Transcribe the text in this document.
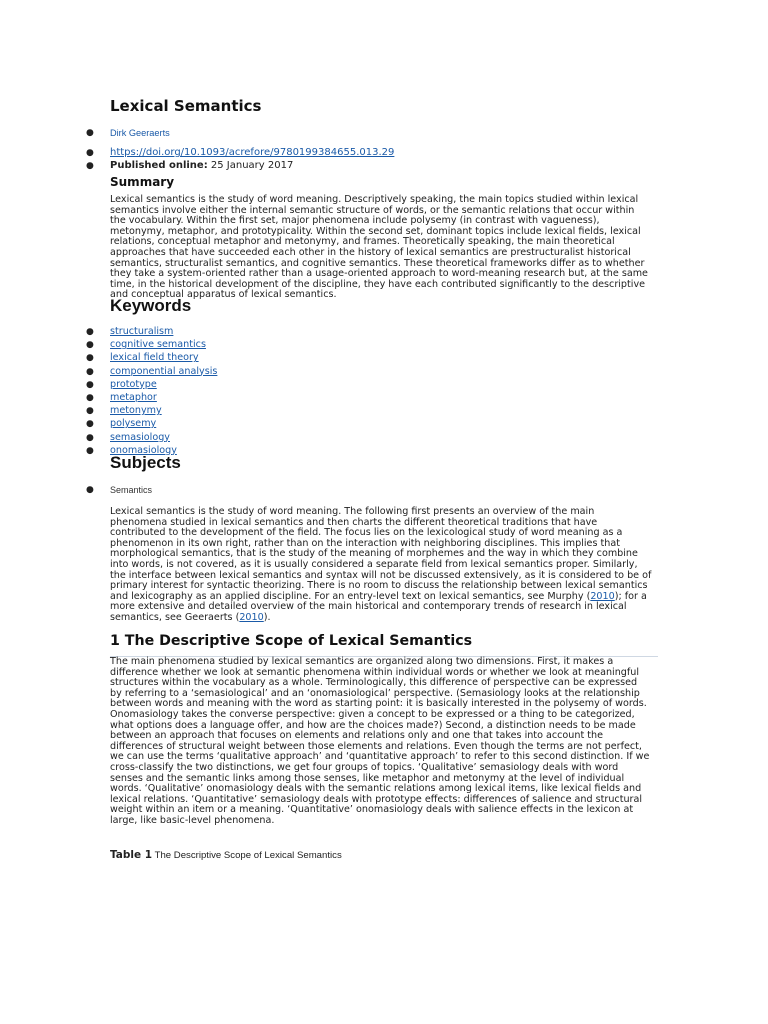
Lexical Semantics
● Dirk Geeraerts
● https://doi.org/10.1093/acrefore/9780199384655.013.29
● Published online: 25 January 2017
Summary

Lexical semantics is the study of word meaning. Descriptively speaking, the main topics studied within lexical

semantics involve either the internal semantic structure of words, or the semantic relations that occur within

the vocabulary. Within the first set, major phenomena include polysemy (in contrast with vagueness),

metonymy, metaphor, and prototypicality. Within the second set, dominant topics include lexical fields, lexical

relations, conceptual metaphor and metonymy, and frames. Theoretically speaking, the main theoretical

approaches that have succeeded each other in the history of lexical semantics are prestructuralist historical

semantics, structuralist semantics, and cognitive semantics. These theoretical frameworks differ as to whether

they take a system-oriented rather than a usage-oriented approach to word-meaning research but, at the same

time, in the historical development of the discipline, they have each contributed significantly to the descriptive

and conceptual apparatus of lexical semantics.

Keywords
● structuralism
● cognitive semantics
● lexical field theory
● componential analysis
● prototype
● metaphor
● metonymy
● polysemy
● semasiology
● onomasiology
Subjects
● Semantics

Lexical semantics is the study of word meaning. The following first presents an overview of the main

phenomena studied in lexical semantics and then charts the different theoretical traditions that have

contributed to the development of the field. The focus lies on the lexicological study of word meaning as a

phenomenon in its own right, rather than on the interaction with neighboring disciplines. This implies that

morphological semantics, that is the study of the meaning of morphemes and the way in which they combine

into words, is not covered, as it is usually considered a separate field from lexical semantics proper. Similarly,

the interface between lexical semantics and syntax will not be discussed extensively, as it is considered to be of

primary interest for syntactic theorizing. There is no room to discuss the relationship between lexical semantics

and lexicography as an applied discipline. For an entry-level text on lexical semantics, see Murphy (2010); for a

more extensive and detailed overview of the main historical and contemporary trends of research in lexical

semantics, see Geeraerts (2010).

1 The Descriptive Scope of Lexical Semantics

The main phenomena studied by lexical semantics are organized along two dimensions. First, it makes a

difference whether we look at semantic phenomena within individual words or whether we look at meaningful

structures within the vocabulary as a whole. Terminologically, this difference of perspective can be expressed

by referring to a ‘semasiological’ and an ‘onomasiological’ perspective. (Semasiology looks at the relationship

between words and meaning with the word as starting point: it is basically interested in the polysemy of words.

Onomasiology takes the converse perspective: given a concept to be expressed or a thing to be categorized,

what options does a language offer, and how are the choices made?) Second, a distinction needs to be made

between an approach that focuses on elements and relations only and one that takes into account the

differences of structural weight between those elements and relations. Even though the terms are not perfect,

we can use the terms ‘qualitative approach’ and ‘quantitative approach’ to refer to this second distinction. If we

cross-classify the two distinctions, we get four groups of topics. ‘Qualitative’ semasiology deals with word

senses and the semantic links among those senses, like metaphor and metonymy at the level of individual

words. ‘Qualitative’ onomasiology deals with the semantic relations among lexical items, like lexical fields and

lexical relations. ‘Quantitative’ semasiology deals with prototype effects: differences of salience and structural

weight within an item or a meaning. ‘Quantitative’ onomasiology deals with salience effects in the lexicon at

large, like basic-level phenomena.

Table 1 The Descriptive Scope of Lexical Semantics
